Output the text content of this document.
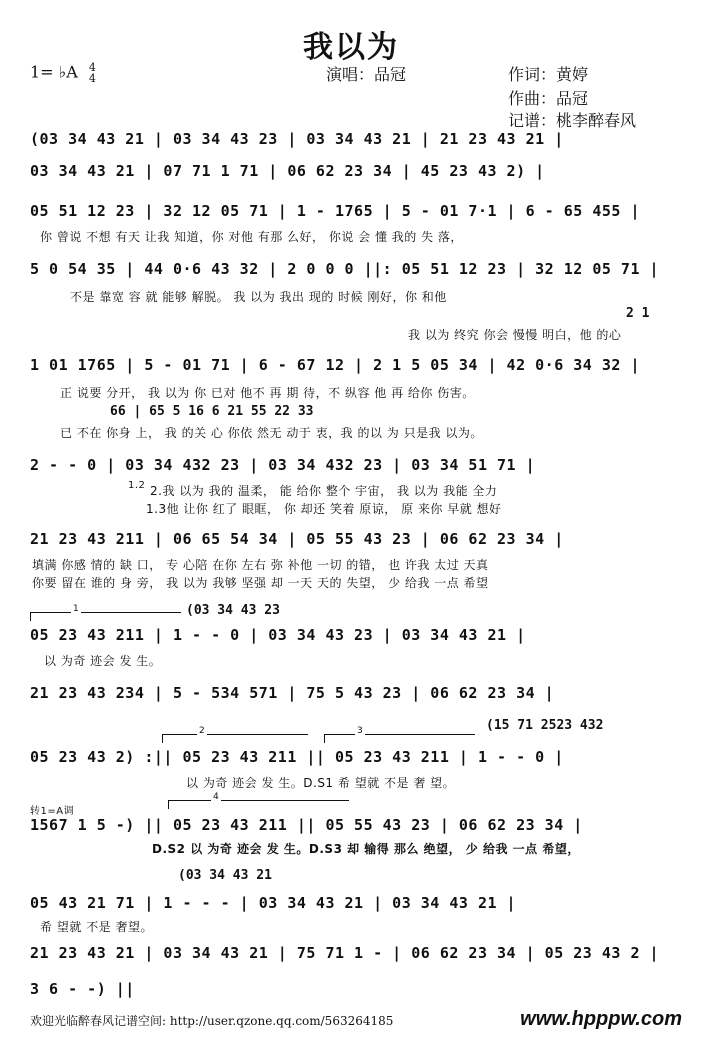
我以为
1= ♭A 4
4	演唱：品冠	作词：黄婷
作曲：品冠
记谱：桃李醉春风
(03 34 43 21 | 03 34 43 23 | 03 34 43 21 | 21 23 43 21 |
03 34 43 21 | 07 71 1 71 | 06 62 23 34 | 45 23 43 2) |
05 51 12 23 | 32 12 05 71 | 1 - 1765 | 5 - 01 7·1 | 6 - 65 455 |
你 曾说 不想 有天 让我 知道，你 对他 有那 么好， 你说 会 懂 我的 失 落，
5 0 54 35 | 44 0·6 43 32 | 2 0 0 0 ||: 05 51 12 23 | 32 12 05 71 |
不是 靠宽 容 就 能够 解脱。 我 以为 我出 现的 时候 刚好，你 和他
2 1
我 以为 终究 你会 慢慢 明白，他 的心
1 01 1765 | 5 - 01 71 | 6 - 67 12 | 2 1 5 05 34 | 42 0·6 34 32 |
正 说要 分开， 我 以为 你 已对 他不 再 期 待，不 纵容 他 再 给你 伤害。
66 | 65 5 16 6 21 55 22 33
已 不在 你身 上， 我 的关 心 你依 然无 动于 衷，我 的以 为 只是我 以为。
2 - - 0 | 03 34 432 23 | 03 34 432 23 | 03 34 51 71 |
1.2 2.我 以为 我的 温柔， 能 给你 整个 宇宙， 我 以为 我能 全力
1.3他 让你 红了 眼眶， 你 却还 笑着 原谅， 原 来你 早就 想好
21 23 43 211 | 06 65 54 34 | 05 55 43 23 | 06 62 23 34 |
填满 你感 情的 缺 口， 专 心陪 在你 左右 弥 补他 一切 的错， 也 许我 太过 天真
你要 留在 谁的 身 旁， 我 以为 我够 坚强 却 一天 天的 失望， 少 给我 一点 希望
1	(03 34 43 23
05 23 43 211 | 1 - - 0 | 03 34 43 23 | 03 34 43 21 |
以 为奇 迹会 发 生。
21 23 43 234 | 5 - 534 571 | 75 5 43 23 | 06 62 23 34 |
(15 71 2523 432
2	3
05 23 43 2) :|| 05 23 43 211 || 05 23 43 211 | 1 - - 0 |
以 为奇 迹会 发 生。D.S1 希 望就 不是 奢 望。
转1=A调
4
1567 1 5 -) || 05 23 43 211 || 05 55 43 23 | 06 62 23 34 |
D.S2 以 为奇 迹会 发 生。D.S3 却 输得 那么 绝望， 少 给我 一点 希望，
(03 34 43 21
05 43 21 71 | 1 - - - | 03 34 43 21 | 03 34 43 21 |
希 望就 不是 奢望。
21 23 43 21 | 03 34 43 21 | 75 71 1 - | 06 62 23 34 | 05 23 43 2 |
3 6 - -) ||
欢迎光临醉春风记谱空间: http://user.qzone.qq.com/563264185	www.hpppw.com
